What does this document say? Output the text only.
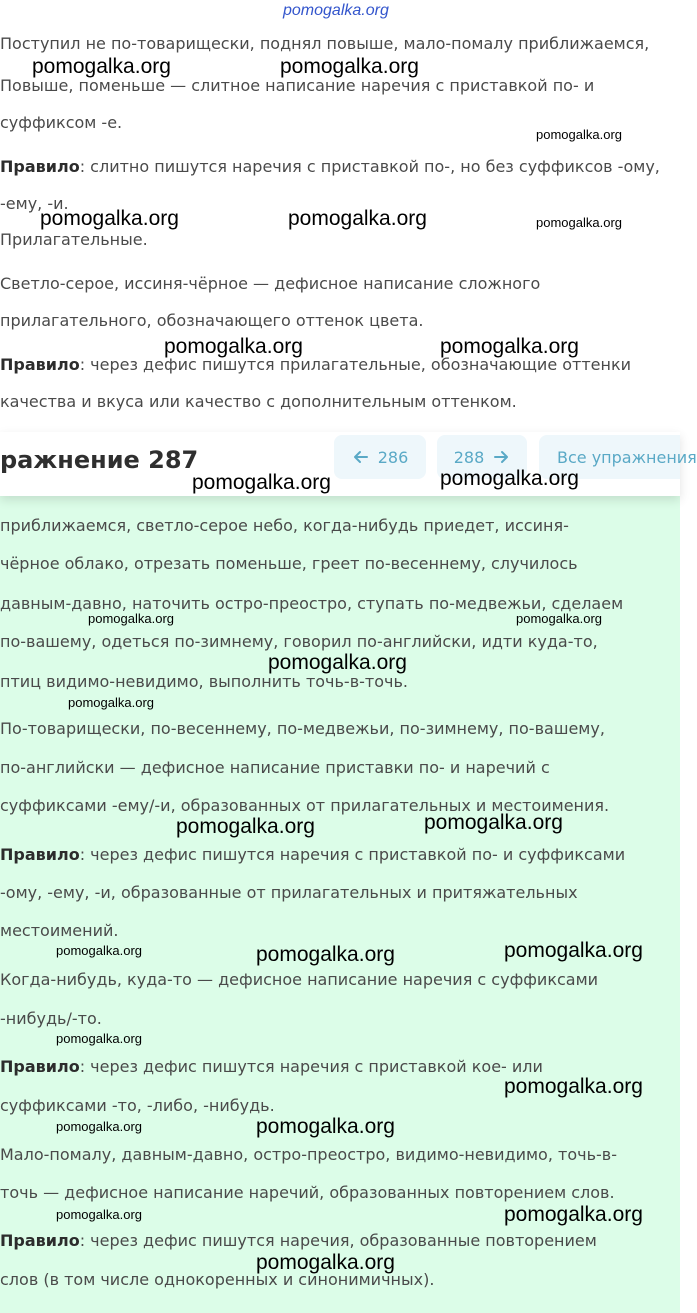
Поступил не по-товарищески, поднял повыше, мало-помалу приближаемся,
Повыше, поменьше — слитное написание наречия с приставкой по- и
суффиксом -е.
Правило: слитно пишутся наречия с приставкой по-, но без суффиксов -ому,
-ему, -и.
Прилагательные.
Светло-серое, иссиня-чёрное — дефисное написание сложного
прилагательного, обозначающего оттенок цвета.
Правило: через дефис пишутся прилагательные, обозначающие оттенки
качества и вкуса или качество с дополнительным оттенком.
ражнение 287	286	288	Все упражнения
приближаемся, светло-серое небо, когда-нибудь приедет, иссиня-
чёрное облако, отрезать поменьше, греет по-весеннему, случилось
давным-давно, наточить остро-преостро, ступать по-медвежьи, сделаем
по-вашему, одеться по-зимнему, говорил по-английски, идти куда-то,
птиц видимо-невидимо, выполнить точь-в-точь.
По-товарищески, по-весеннему, по-медвежьи, по-зимнему, по-вашему,
по-английски — дефисное написание приставки по- и наречий с
суффиксами -ему/-и, образованных от прилагательных и местоимения.
Правило: через дефис пишутся наречия с приставкой по- и суффиксами
-ому, -ему, -и, образованные от прилагательных и притяжательных
местоимений.
Когда-нибудь, куда-то — дефисное написание наречия с суффиксами
-нибудь/-то.
Правило: через дефис пишутся наречия с приставкой кое- или
суффиксами -то, -либо, -нибудь.
Мало-помалу, давным-давно, остро-преостро, видимо-невидимо, точь-в-
точь — дефисное написание наречий, образованных повторением слов.
Правило: через дефис пишутся наречия, образованные повторением
слов (в том числе однокоренных и синонимичных).
pomogalka.org
pomogalka.org	pomogalka.org
pomogalka.org
pomogalka.org	pomogalka.org	pomogalka.org
pomogalka.org	pomogalka.org
pomogalka.org	pomogalka.org
pomogalka.org	pomogalka.org
pomogalka.org
pomogalka.org
pomogalka.org	pomogalka.org
pomogalka.org	pomogalka.org	pomogalka.org
pomogalka.org
pomogalka.org
pomogalka.org	pomogalka.org
pomogalka.org	pomogalka.org
pomogalka.org
